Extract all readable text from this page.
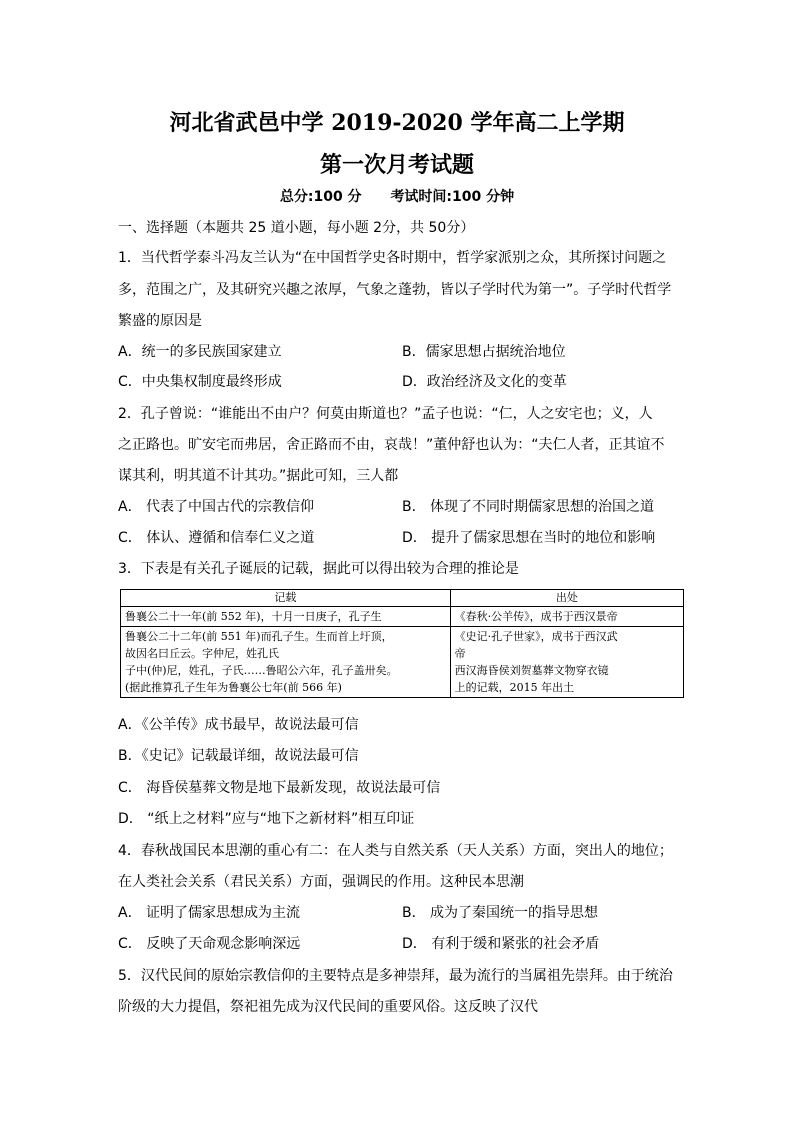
河北省武邑中学 2019-2020 学年高二上学期
第一次月考试题
总分:100 分 考试时间:100 分钟
一、选择题（本题共 25 道小题，每小题 2分，共 50分）
1．当代哲学泰斗冯友兰认为“在中国哲学史各时期中，哲学家派别之众，其所探讨问题之
多，范围之广，及其研究兴趣之浓厚，气象之蓬勃，皆以子学时代为第一”。子学时代哲学
繁盛的原因是
A．统一的多民族国家建立	B．儒家思想占据统治地位
C．中央集权制度最终形成	D．政治经济及文化的变革
2．孔子曾说：“谁能出不由户？何莫由斯道也？”孟子也说：“仁，人之安宅也；义，人
之正路也。旷安宅而弗居，舍正路而不由，哀哉！”董仲舒也认为：“夫仁人者，正其谊不
谋其利，明其道不计其功。”据此可知，三人都
A． 代表了中国古代的宗教信仰	B． 体现了不同时期儒家思想的治国之道
C． 体认、遵循和信奉仁义之道	D． 提升了儒家思想在当时的地位和影响
3．下表是有关孔子诞辰的记载，据此可以得出较为合理的推论是
记载	出处

鲁襄公二十一年(前 552 年)，十月一日庚子，孔子生	《春秋·公羊传》，成书于西汉景帝

鲁襄公二十二年(前 551 年)而孔子生。生而首上圩顶，
故因名曰丘云。字仲尼，姓孔氏
子中(仲)尼，姓孔，子氏……鲁昭公六年，孔子盖卅矣。
(据此推算孔子生年为鲁襄公七年(前 566 年)	《史记·孔子世家》，成书于西汉武
帝
西汉海昏侯刘贺墓葬文物穿衣镜
上的记载，2015 年出土
A．《公羊传》成书最早，故说法最可信
B．《史记》记载最详细，故说法最可信
C． 海昏侯墓葬文物是地下最新发现，故说法最可信
D． “纸上之材料”应与“地下之新材料”相互印证
4．春秋战国民本思潮的重心有二：在人类与自然关系（天人关系）方面，突出人的地位；
在人类社会关系（君民关系）方面，强调民的作用。这种民本思潮
A． 证明了儒家思想成为主流	B． 成为了秦国统一的指导思想
C． 反映了天命观念影响深远	D． 有利于缓和紧张的社会矛盾
5．汉代民间的原始宗教信仰的主要特点是多神崇拜，最为流行的当属祖先崇拜。由于统治
阶级的大力提倡，祭祀祖先成为汉代民间的重要风俗。这反映了汉代
